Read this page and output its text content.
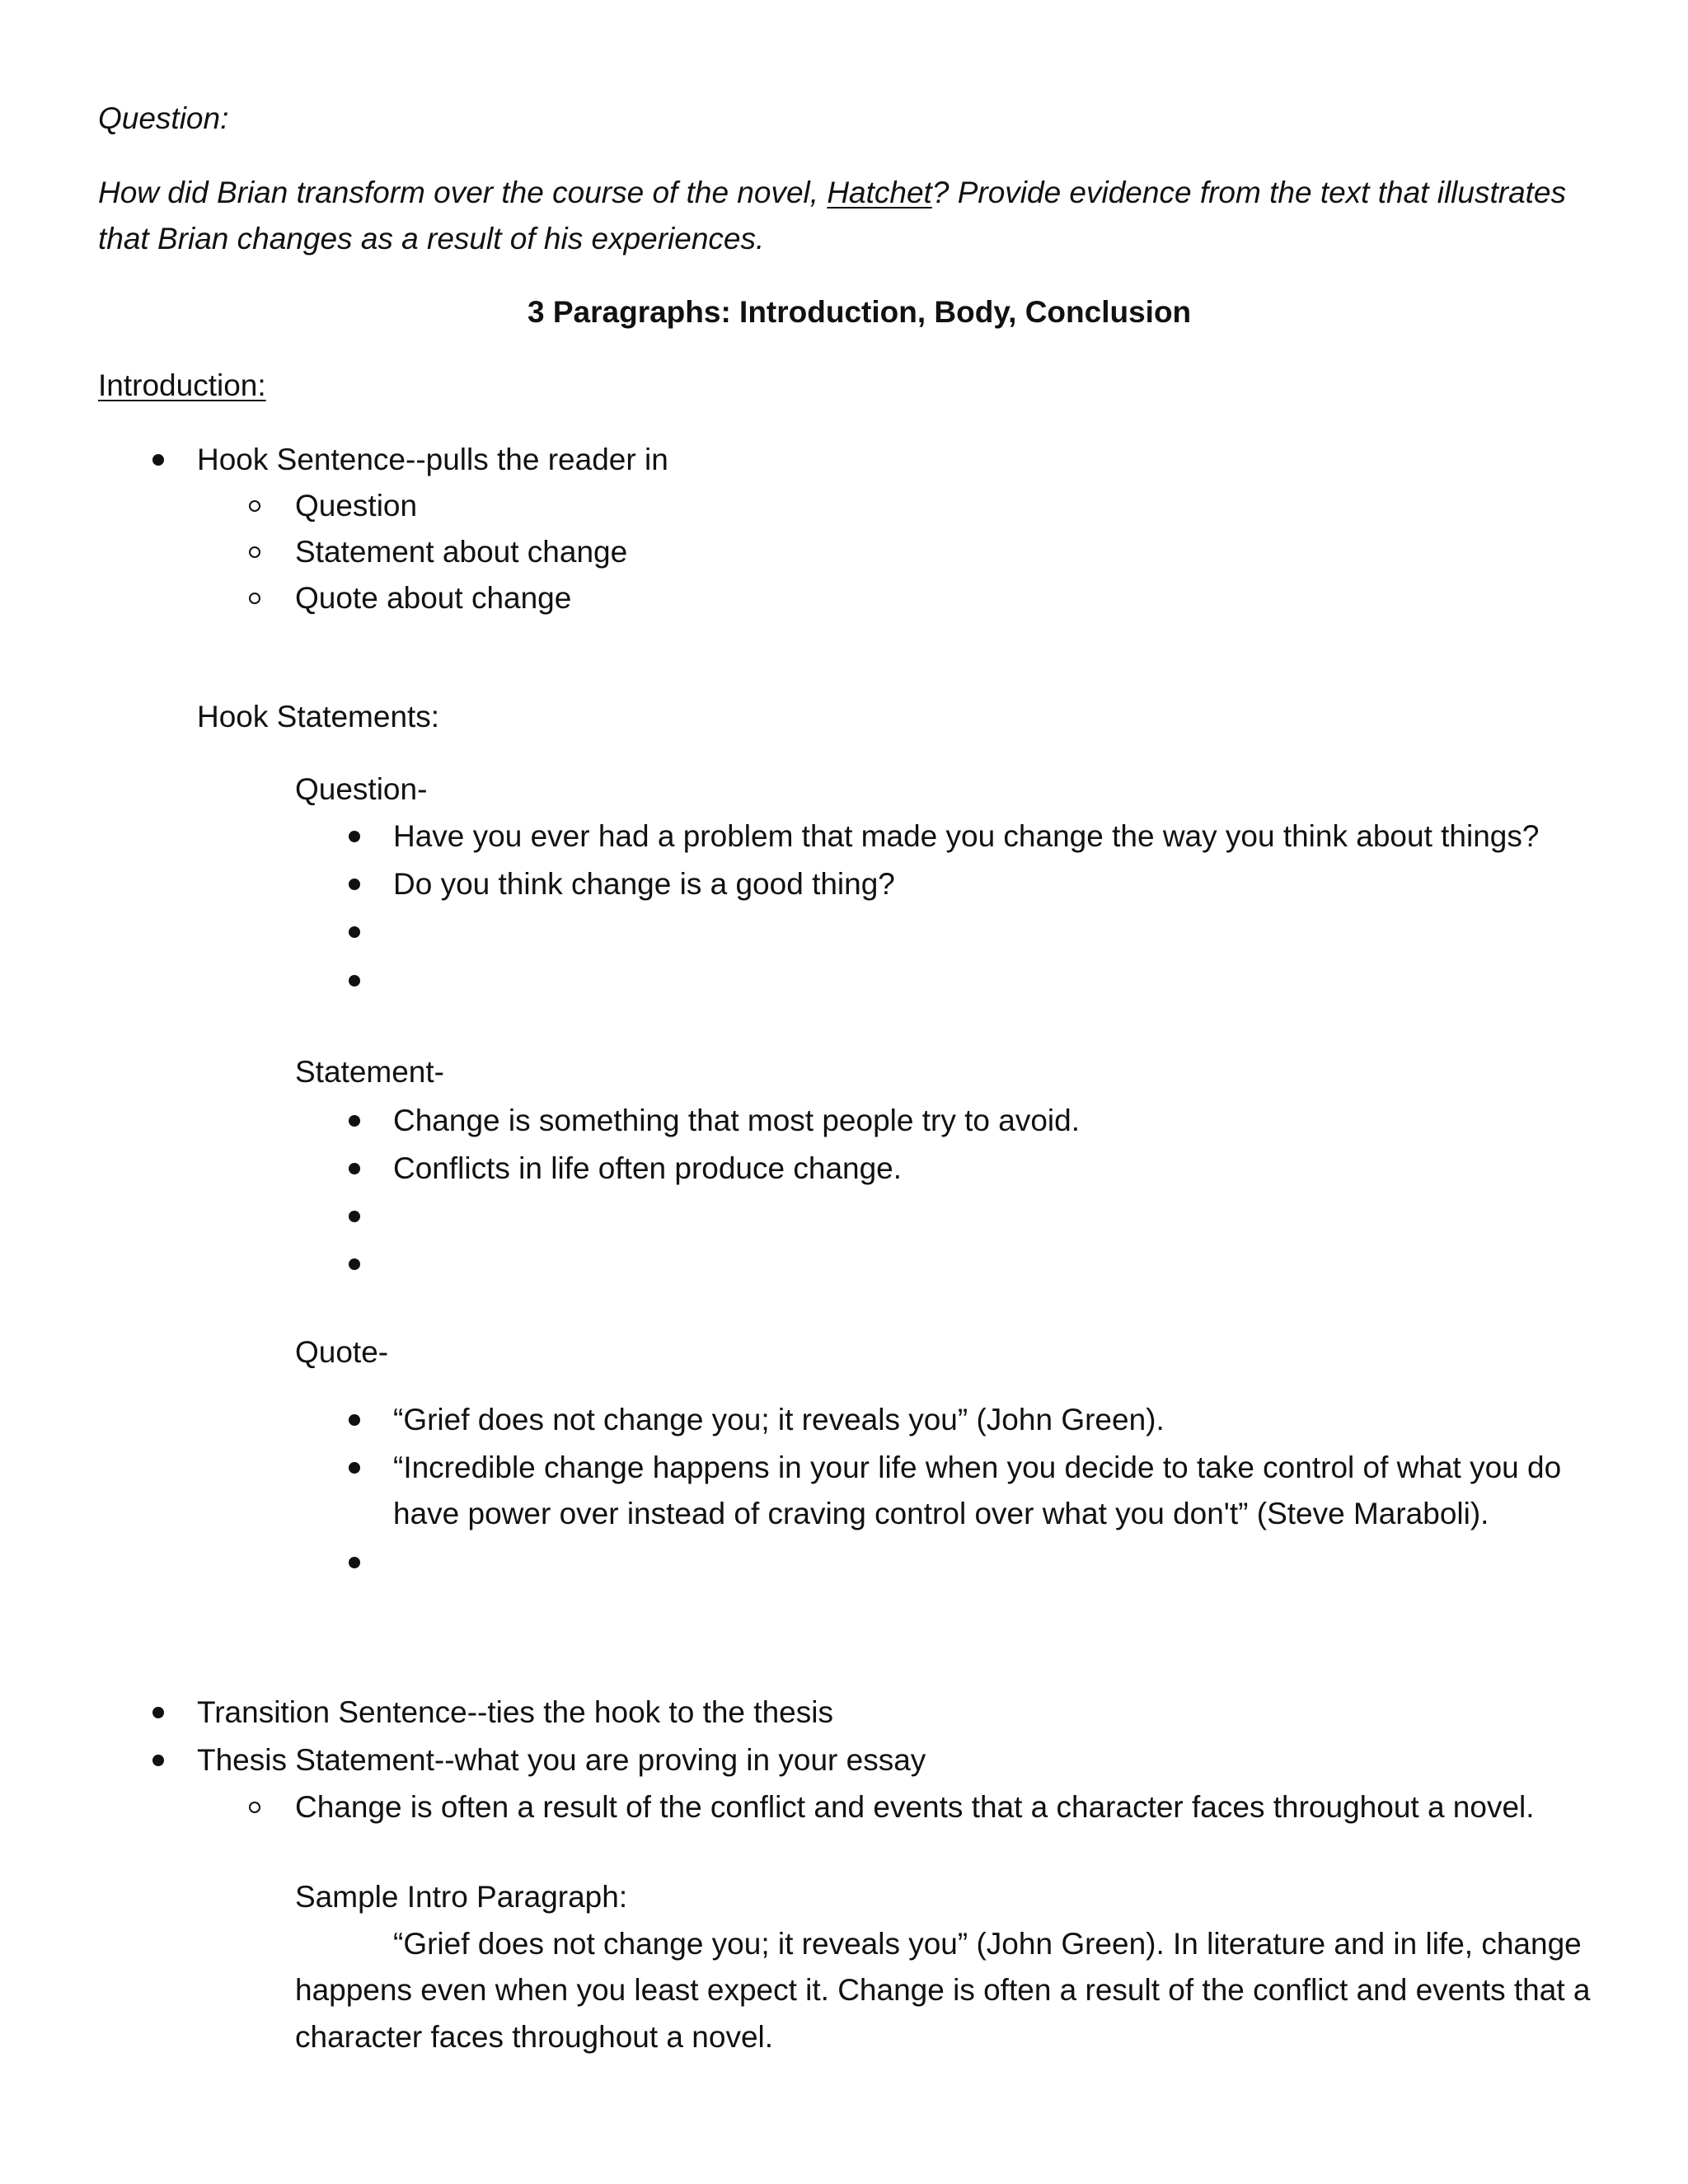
Question:
How did Brian transform over the course of the novel, Hatchet? Provide evidence from the text that illustrates
that Brian changes as a result of his experiences.
3 Paragraphs: Introduction, Body, Conclusion
Introduction:
Hook Sentence--pulls the reader in
Question
Statement about change
Quote about change
Hook Statements:
Question-
Have you ever had a problem that made you change the way you think about things?
Do you think change is a good thing?
Statement-
Change is something that most people try to avoid.
Conflicts in life often produce change.
Quote-
“Grief does not change you; it reveals you” (John Green).
“Incredible change happens in your life when you decide to take control of what you do
have power over instead of craving control over what you don't” (Steve Maraboli).
Transition Sentence--ties the hook to the thesis
Thesis Statement--what you are proving in your essay
Change is often a result of the conflict and events that a character faces throughout a novel.
Sample Intro Paragraph:
“Grief does not change you; it reveals you” (John Green). In literature and in life, change
happens even when you least expect it. Change is often a result of the conflict and events that a
character faces throughout a novel.
